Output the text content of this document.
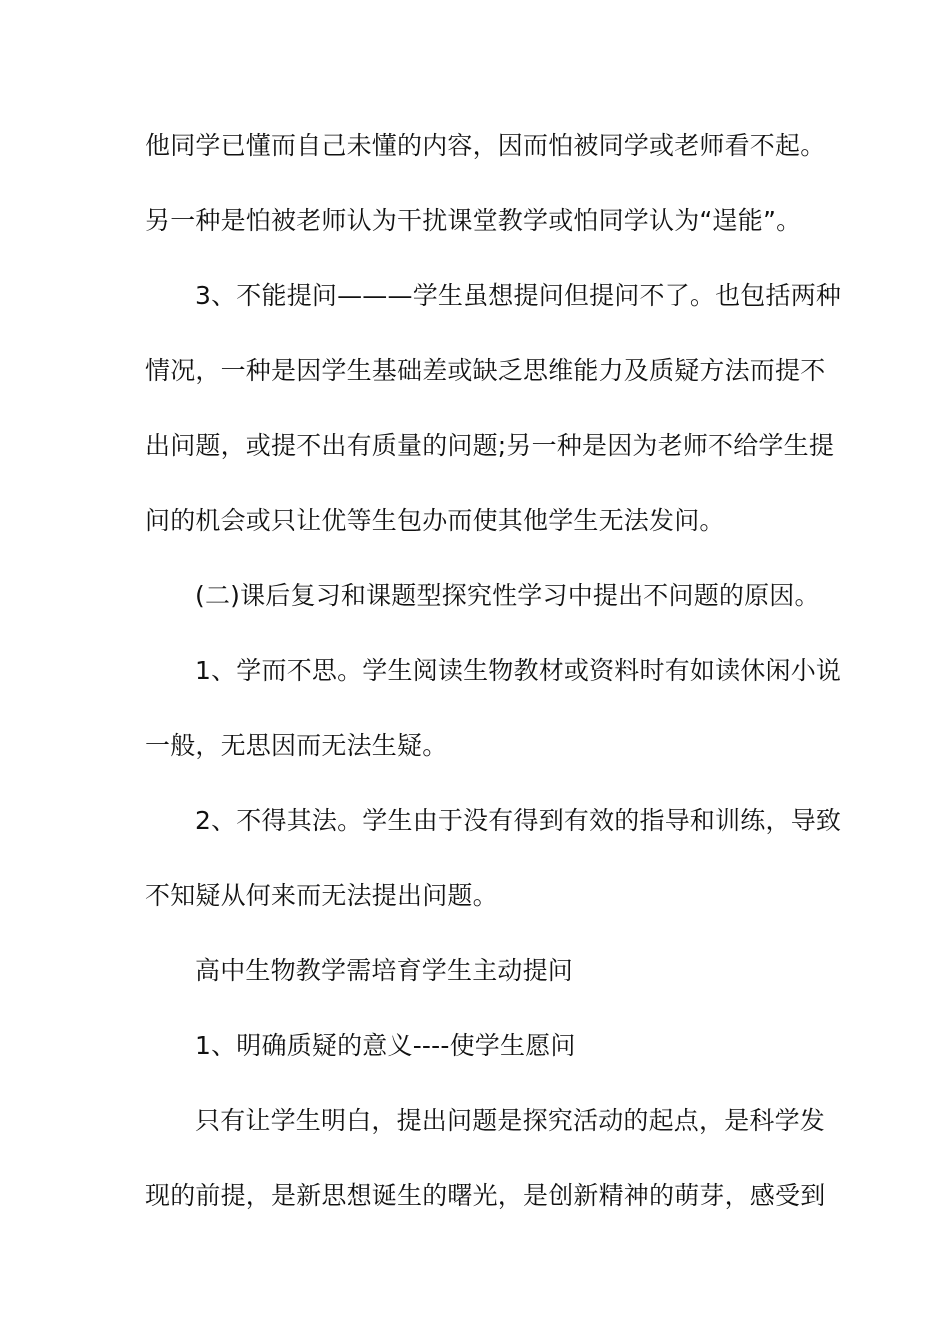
他同学已懂而自己未懂的内容，因而怕被同学或老师看不起。
另一种是怕被老师认为干扰课堂教学或怕同学认为“逞能”。
3、不能提问———学生虽想提问但提问不了。也包括两种
情况，一种是因学生基础差或缺乏思维能力及质疑方法而提不
出问题，或提不出有质量的问题;另一种是因为老师不给学生提
问的机会或只让优等生包办而使其他学生无法发问。
(二)课后复习和课题型探究性学习中提出不问题的原因。
1、学而不思。学生阅读生物教材或资料时有如读休闲小说
一般，无思因而无法生疑。
2、不得其法。学生由于没有得到有效的指导和训练，导致
不知疑从何来而无法提出问题。
高中生物教学需培育学生主动提问
1、明确质疑的意义----使学生愿问
只有让学生明白，提出问题是探究活动的起点，是科学发
现的前提，是新思想诞生的曙光，是创新精神的萌芽，感受到
